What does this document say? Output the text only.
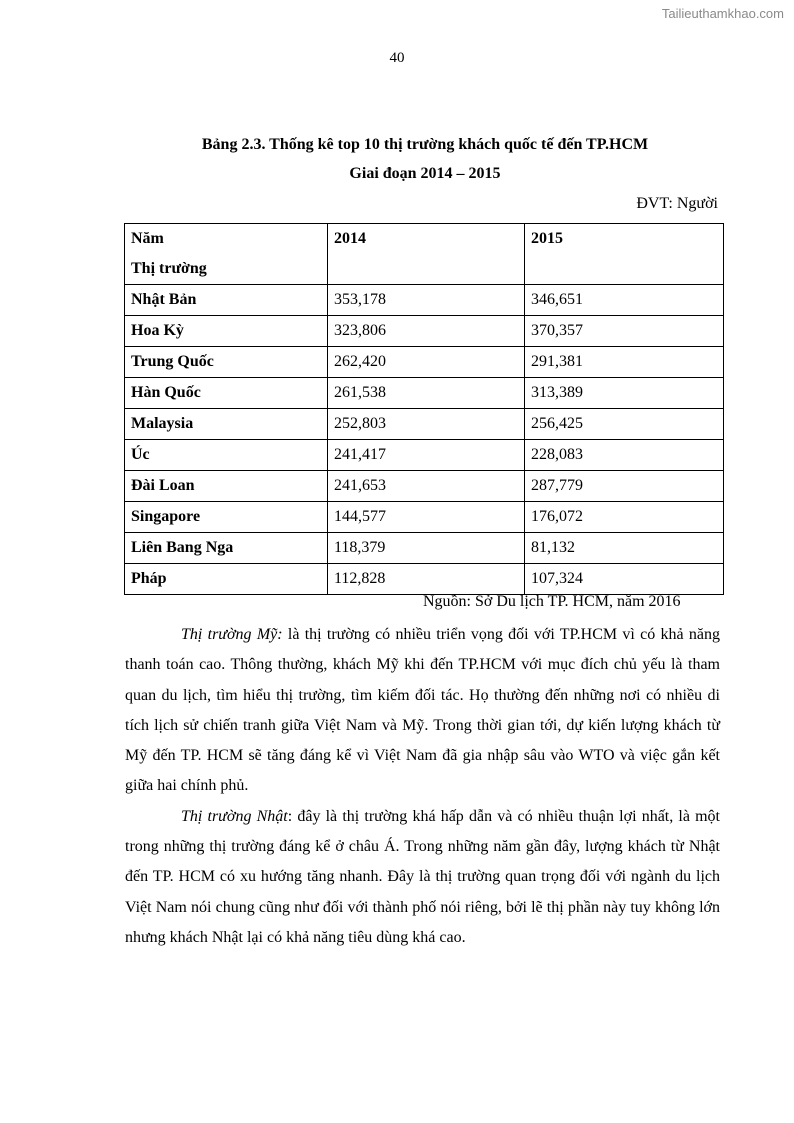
Tailieuthamkhao.com
40
Bảng 2.3. Thống kê top 10 thị trường khách quốc tế đến TP.HCM
Giai đoạn 2014 – 2015
ĐVT: Người
Năm
Thị trường	2014	2015
Nhật Bản	353,178	346,651
Hoa Kỳ	323,806	370,357
Trung Quốc	262,420	291,381
Hàn Quốc	261,538	313,389
Malaysia	252,803	256,425
Úc	241,417	228,083
Đài Loan	241,653	287,779
Singapore	144,577	176,072
Liên Bang Nga	118,379	81,132
Pháp	112,828	107,324
Nguồn: Sở Du lịch TP. HCM, năm 2016

Thị trường Mỹ: là thị trường có nhiều triển vọng đối với TP.HCM vì có khả năng thanh toán cao. Thông thường, khách Mỹ khi đến TP.HCM với mục đích chủ yếu là tham quan du lịch, tìm hiểu thị trường, tìm kiếm đối tác. Họ thường đến những nơi có nhiều di tích lịch sử chiến tranh giữa Việt Nam và Mỹ. Trong thời gian tới, dự kiến lượng khách từ Mỹ đến TP. HCM sẽ tăng đáng kể vì Việt Nam đã gia nhập sâu vào WTO và việc gắn kết giữa hai chính phủ.

Thị trường Nhật: đây là thị trường khá hấp dẫn và có nhiều thuận lợi nhất, là một trong những thị trường đáng kể ở châu Á. Trong những năm gần đây, lượng khách từ Nhật đến TP. HCM có xu hướng tăng nhanh. Đây là thị trường quan trọng đối với ngành du lịch Việt Nam nói chung cũng như đối với thành phố nói riêng, bởi lẽ thị phần này tuy không lớn nhưng khách Nhật lại có khả năng tiêu dùng khá cao.
